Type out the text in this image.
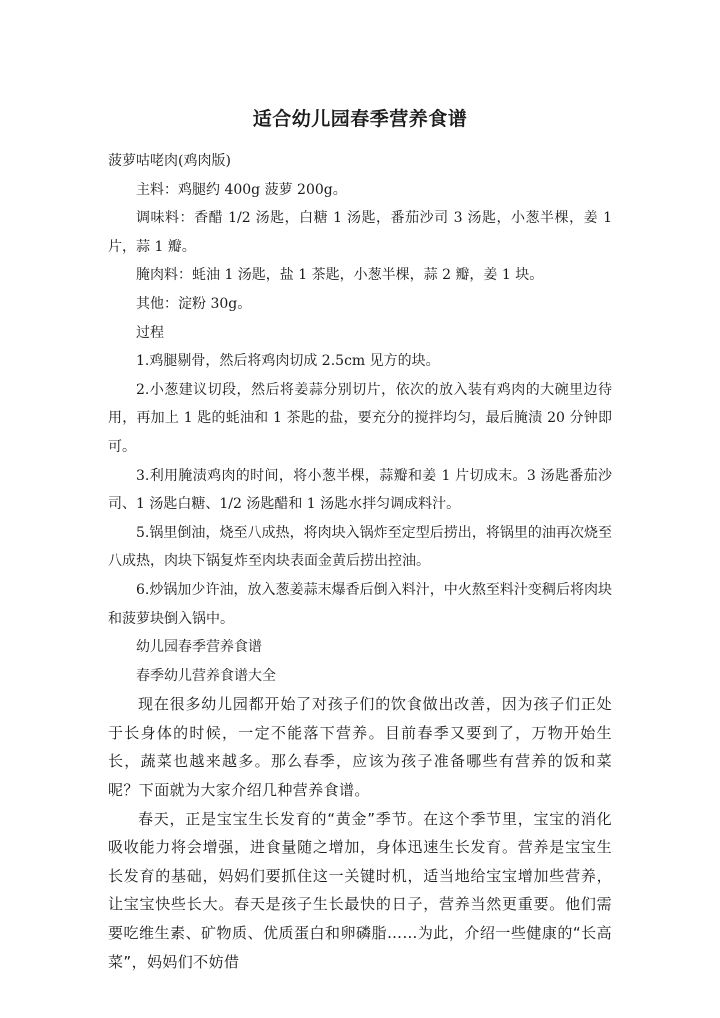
适合幼儿园春季营养食谱

菠萝咕咾肉(鸡肉版)

主料：鸡腿约 400g 菠萝 200g。

调味料：香醋 1/2 汤匙，白糖 1 汤匙，番茄沙司 3 汤匙，小葱半棵，姜 1 片，蒜 1 瓣。

腌肉料：蚝油 1 汤匙，盐 1 茶匙，小葱半棵，蒜 2 瓣，姜 1 块。

其他：淀粉 30g。

过程

1.鸡腿剔骨，然后将鸡肉切成 2.5cm 见方的块。

2.小葱建议切段，然后将姜蒜分别切片，依次的放入装有鸡肉的大碗里边待用，再加上 1 匙的蚝油和 1 茶匙的盐，要充分的搅拌均匀，最后腌渍 20 分钟即可。

3.利用腌渍鸡肉的时间，将小葱半棵，蒜瓣和姜 1 片切成末。3 汤匙番茄沙司、1 汤匙白糖、1/2 汤匙醋和 1 汤匙水拌匀调成料汁。

5.锅里倒油，烧至八成热，将肉块入锅炸至定型后捞出，将锅里的油再次烧至八成热，肉块下锅复炸至肉块表面金黄后捞出控油。

6.炒锅加少许油，放入葱姜蒜末爆香后倒入料汁，中火熬至料汁变稠后将肉块和菠萝块倒入锅中。

幼儿园春季营养食谱

春季幼儿营养食谱大全

现在很多幼儿园都开始了对孩子们的饮食做出改善，因为孩子们正处于长身体的时候，一定不能落下营养。目前春季又要到了，万物开始生长，蔬菜也越来越多。那么春季，应该为孩子准备哪些有营养的饭和菜呢？下面就为大家介绍几种营养食谱。

春天，正是宝宝生长发育的“黄金”季节。在这个季节里，宝宝的消化吸收能力将会增强，进食量随之增加，身体迅速生长发育。营养是宝宝生长发育的基础，妈妈们要抓住这一关键时机，适当地给宝宝增加些营养，让宝宝快些长大。春天是孩子生长最快的日子，营养当然更重要。他们需要吃维生素、矿物质、优质蛋白和卵磷脂……为此，介绍一些健康的“长高菜”，妈妈们不妨借
